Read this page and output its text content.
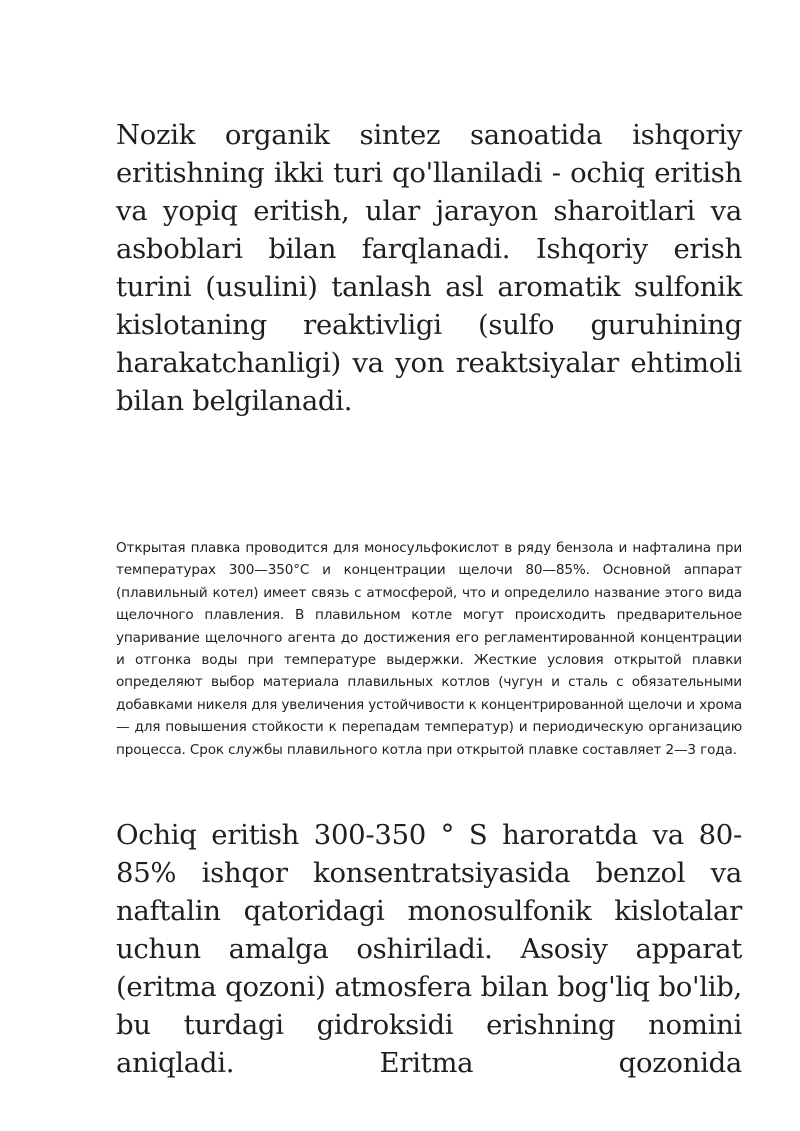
Nozik organik sintez sanoatida ishqoriy eritishning ikki turi qo'llaniladi - ochiq eritish va yopiq eritish, ular jarayon sharoitlari va asboblari bilan farqlanadi. Ishqoriy erish turini (usulini) tanlash asl aromatik sulfonik kislotaning reaktivligi (sulfo guruhining harakatchanligi) va yon reaktsiyalar ehtimoli bilan belgilanadi.

Открытая плавка проводится для моносульфокислот в ряду бензола и нафталина при температурах 300—350°С и концентрации щелочи 80—85%. Основной аппарат (плавильный котел) имеет связь с атмосферой, что и определило название этого вида щелочного плавления. В плавильном котле могут происходить предварительное упаривание щелочного агента до достижения его регламентированной концентрации и отгонка воды при температуре выдержки. Жесткие условия открытой плавки определяют выбор материала плавильных котлов (чугун и сталь с обязательными добавками никеля для увеличения устойчивости к концентрированной щелочи и хрома — для повышения стойкости к перепадам температур) и периодическую организацию процесса. Срок службы плавильного котла при открытой плавке составляет 2—3 года.

Ochiq eritish 300-350 ° S haroratda va 80-85% ishqor konsentratsiyasida benzol va naftalin qatoridagi monosulfonik kislotalar uchun amalga oshiriladi. Asosiy apparat (eritma qozoni) atmosfera bilan bog'liq bo'lib, bu turdagi gidroksidi erishning nomini aniqladi. Eritma qozonida
